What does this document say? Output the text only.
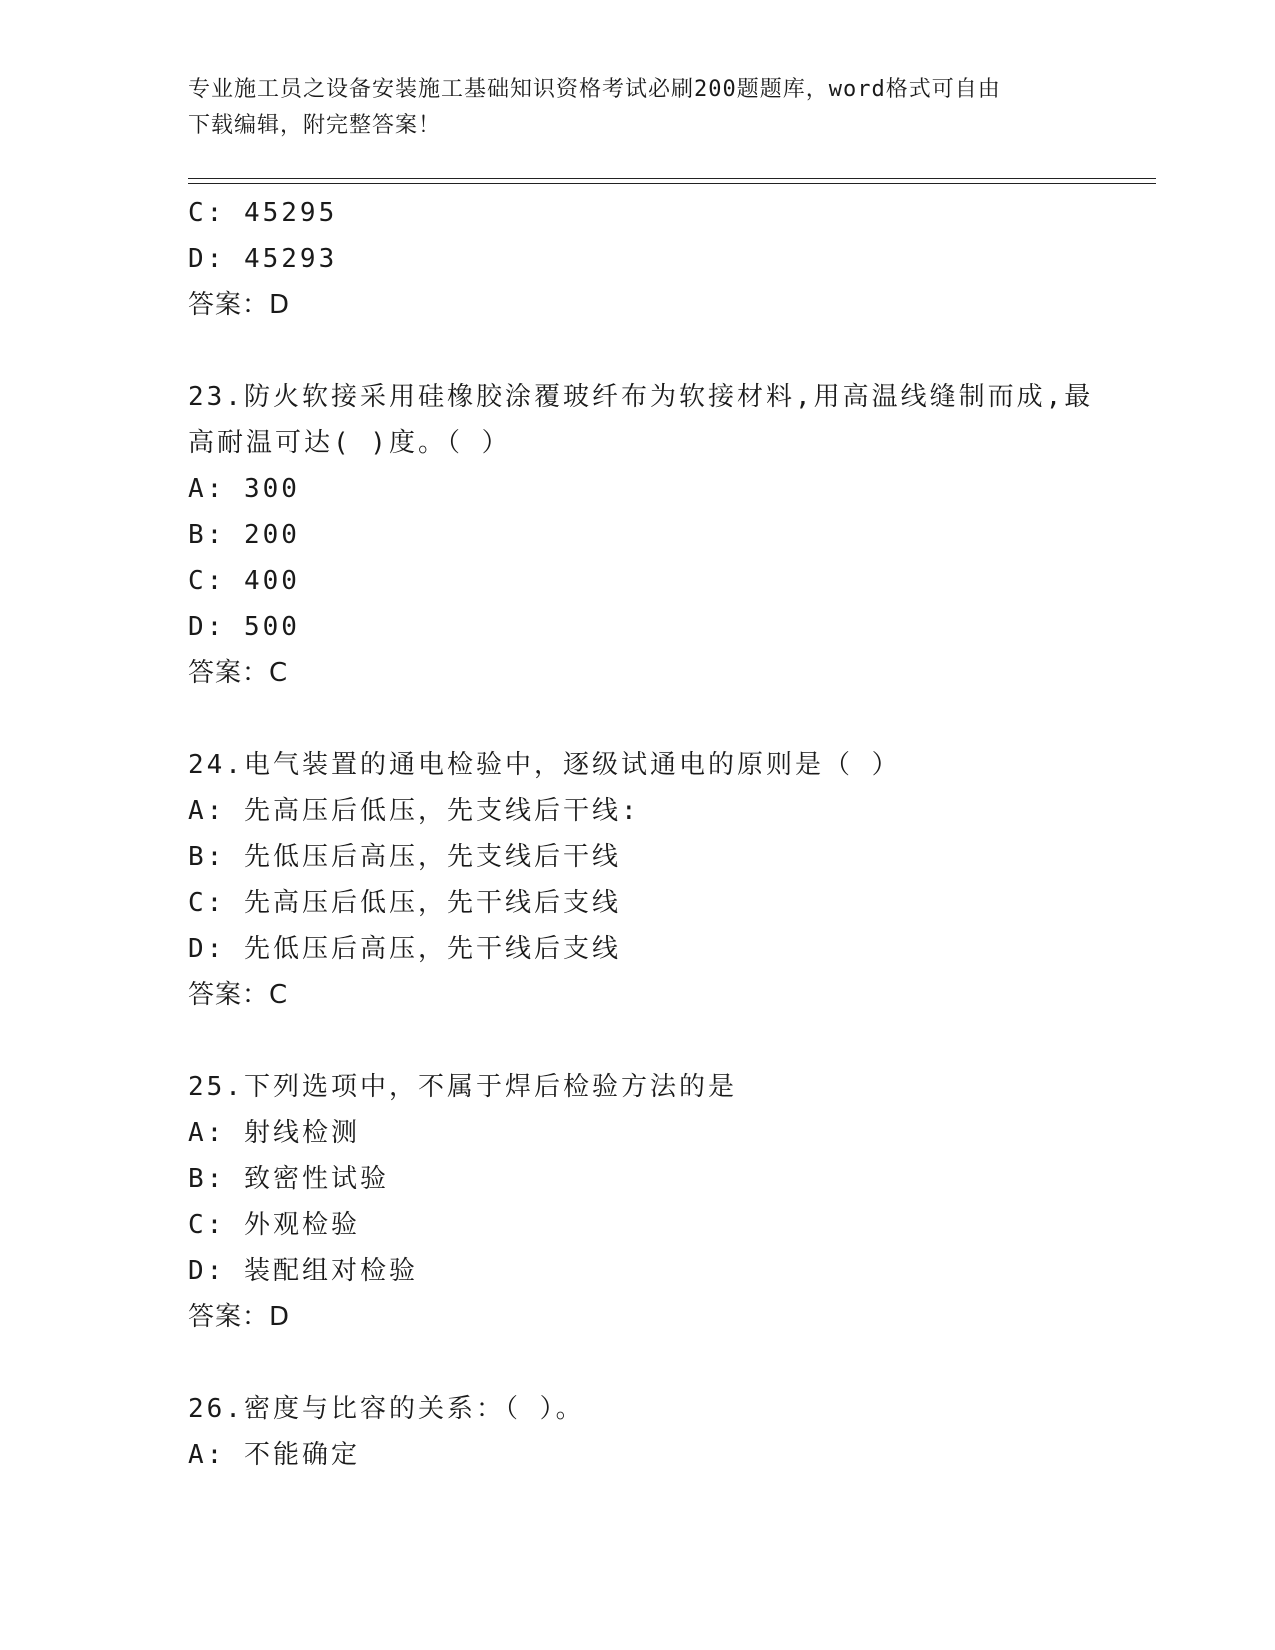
专业施工员之设备安装施工基础知识资格考试必刷200题题库，word格式可自由
下载编辑，附完整答案！
C: 45295
D: 45293
答案：D
23.防火软接采用硅橡胶涂覆玻纤布为软接材料,用高温线缝制而成,最
高耐温可达( )度。（ ）
A: 300
B: 200
C: 400
D: 500
答案：C
24.电气装置的通电检验中，逐级试通电的原则是（ ）
A: 先高压后低压，先支线后干线:
B: 先低压后高压，先支线后干线
C: 先高压后低压，先干线后支线
D: 先低压后高压，先干线后支线
答案：C
25.下列选项中，不属于焊后检验方法的是
A: 射线检测
B: 致密性试验
C: 外观检验
D: 装配组对检验
答案：D
26.密度与比容的关系：（ ）。
A: 不能确定
